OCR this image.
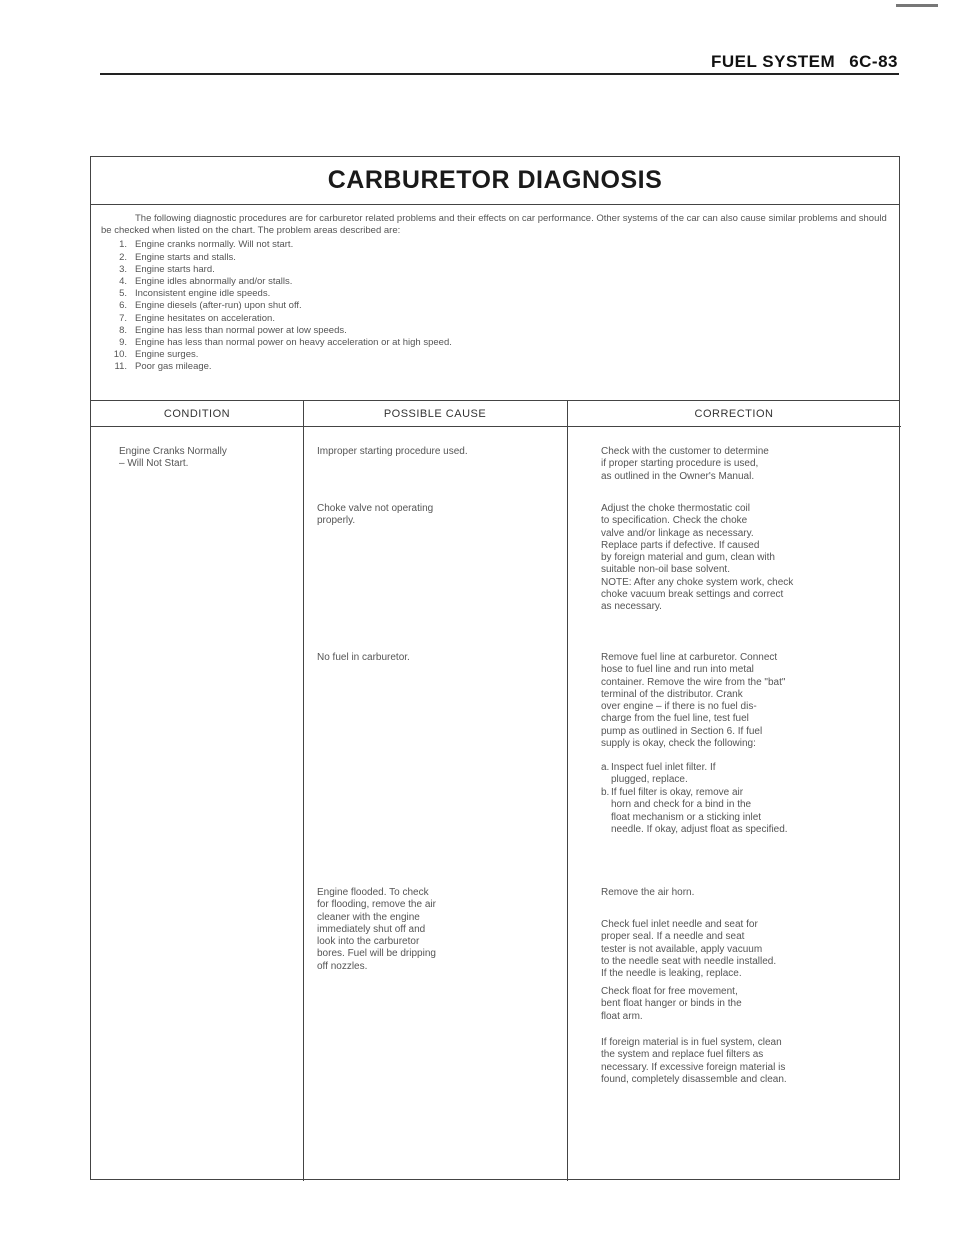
FUEL SYSTEM 6C-83
CARBURETOR DIAGNOSIS

The following diagnostic procedures are for carburetor related problems and their effects on car performance. Other systems of the car can also cause similar problems and should be checked when listed on the chart. The problem areas described are:

1. Engine cranks normally. Will not start.
2. Engine starts and stalls.
3. Engine starts hard.
4. Engine idles abnormally and/or stalls.
5. Inconsistent engine idle speeds.
6. Engine diesels (after-run) upon shut off.
7. Engine hesitates on acceleration.
8. Engine has less than normal power at low speeds.
9. Engine has less than normal power on heavy acceleration or at high speed.
10. Engine surges.
11. Poor gas mileage.
CONDITION	POSSIBLE CAUSE	CORRECTION

Engine Cranks Normally

– Will Not Start.

Improper starting procedure used.

Choke valve not operating

properly.

No fuel in carburetor.

Engine flooded. To check

for flooding, remove the air

cleaner with the engine

immediately shut off and

look into the carburetor

bores. Fuel will be dripping

off nozzles.

Check with the customer to determine

if proper starting procedure is used,

as outlined in the Owner's Manual.

Adjust the choke thermostatic coil

to specification. Check the choke

valve and/or linkage as necessary.

Replace parts if defective. If caused

by foreign material and gum, clean with

suitable non-oil base solvent.

NOTE: After any choke system work, check

choke vacuum break settings and correct

as necessary.

Remove fuel line at carburetor. Connect

hose to fuel line and run into metal

container. Remove the wire from the "bat"

terminal of the distributor. Crank

over engine – if there is no fuel dis-

charge from the fuel line, test fuel

pump as outlined in Section 6. If fuel

supply is okay, check the following:

a. Inspect fuel inlet filter. If

plugged, replace.

b. If fuel filter is okay, remove air

horn and check for a bind in the

float mechanism or a sticking inlet

needle. If okay, adjust float as specified.

Remove the air horn.

Check fuel inlet needle and seat for

proper seal. If a needle and seat

tester is not available, apply vacuum

to the needle seat with needle installed.

If the needle is leaking, replace.

Check float for free movement,

bent float hanger or binds in the

float arm.

If foreign material is in fuel system, clean

the system and replace fuel filters as

necessary. If excessive foreign material is

found, completely disassemble and clean.
